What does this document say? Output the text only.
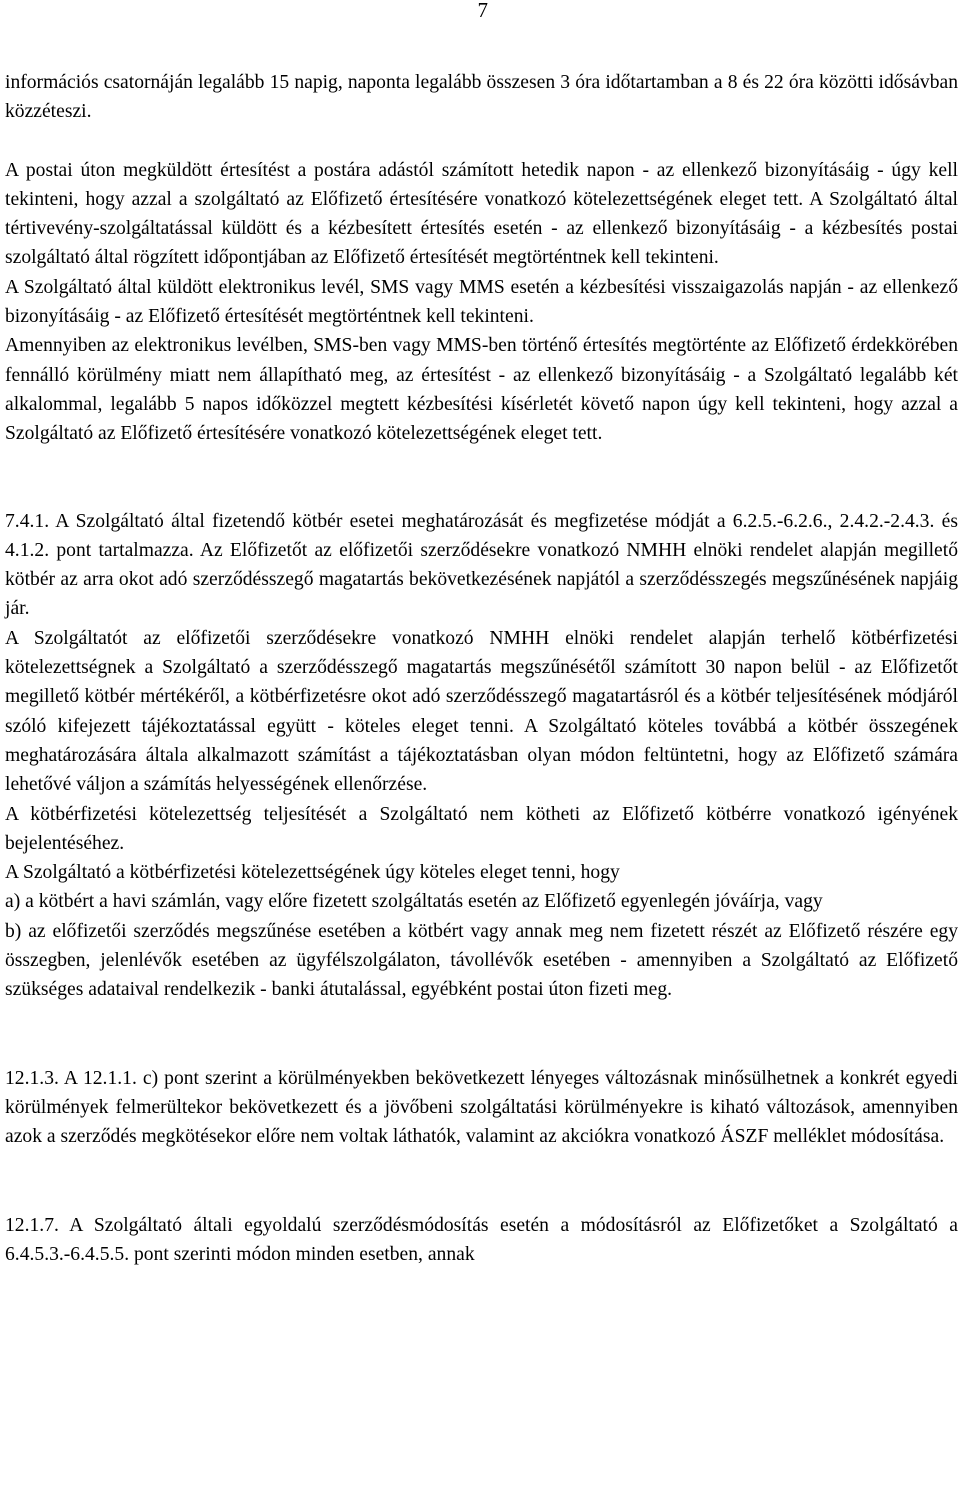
7

információs csatornáján legalább 15 napig, naponta legalább összesen 3 óra időtartamban a 8 és 22 óra közötti idősávban közzéteszi.

A postai úton megküldött értesítést a postára adástól számított hetedik napon - az ellenkező bizonyításáig - úgy kell tekinteni, hogy azzal a szolgáltató az Előfizető értesítésére vonatkozó kötelezettségének eleget tett. A Szolgáltató által tértivevény-szolgáltatással küldött és a kézbesített értesítés esetén - az ellenkező bizonyításáig - a kézbesítés postai szolgáltató által rögzített időpontjában az Előfizető értesítését megtörténtnek kell tekinteni.

A Szolgáltató által küldött elektronikus levél, SMS vagy MMS esetén a kézbesítési visszaigazolás napján - az ellenkező bizonyításáig - az Előfizető értesítését megtörténtnek kell tekinteni.

Amennyiben az elektronikus levélben, SMS-ben vagy MMS-ben történő értesítés megtörténte az Előfizető érdekkörében fennálló körülmény miatt nem állapítható meg, az értesítést - az ellenkező bizonyításáig - a Szolgáltató legalább két alkalommal, legalább 5 napos időközzel megtett kézbesítési kísérletét követő napon úgy kell tekinteni, hogy azzal a Szolgáltató az Előfizető értesítésére vonatkozó kötelezettségének eleget tett.

7.4.1. A Szolgáltató által fizetendő kötbér esetei meghatározását és megfizetése módját a 6.2.5.-6.2.6., 2.4.2.-2.4.3. és 4.1.2. pont tartalmazza. Az Előfizetőt az előfizetői szerződésekre vonatkozó NMHH elnöki rendelet alapján megillető kötbér az arra okot adó szerződésszegő magatartás bekövetkezésének napjától a szerződésszegés megszűnésének napjáig jár.

A Szolgáltatót az előfizetői szerződésekre vonatkozó NMHH elnöki rendelet alapján terhelő kötbérfizetési kötelezettségnek a Szolgáltató a szerződésszegő magatartás megszűnésétől számított 30 napon belül - az Előfizetőt megillető kötbér mértékéről, a kötbérfizetésre okot adó szerződésszegő magatartásról és a kötbér teljesítésének módjáról szóló kifejezett tájékoztatással együtt - köteles eleget tenni. A Szolgáltató köteles továbbá a kötbér összegének meghatározására általa alkalmazott számítást a tájékoztatásban olyan módon feltüntetni, hogy az Előfizető számára lehetővé váljon a számítás helyességének ellenőrzése.

A kötbérfizetési kötelezettség teljesítését a Szolgáltató nem kötheti az Előfizető kötbérre vonatkozó igényének bejelentéséhez.

A Szolgáltató a kötbérfizetési kötelezettségének úgy köteles eleget tenni, hogy

a) a kötbért a havi számlán, vagy előre fizetett szolgáltatás esetén az Előfizető egyenlegén jóváírja, vagy

b) az előfizetői szerződés megszűnése esetében a kötbért vagy annak meg nem fizetett részét az Előfizető részére egy összegben, jelenlévők esetében az ügyfélszolgálaton, távollévők esetében - amennyiben a Szolgáltató az Előfizető szükséges adataival rendelkezik - banki átutalással, egyébként postai úton fizeti meg.

12.1.3. A 12.1.1. c) pont szerint a körülményekben bekövetkezett lényeges változásnak minősülhetnek a konkrét egyedi körülmények felmerültekor bekövetkezett és a jövőbeni szolgáltatási körülményekre is kiható változások, amennyiben azok a szerződés megkötésekor előre nem voltak láthatók, valamint az akciókra vonatkozó ÁSZF melléklet módosítása.

12.1.7. A Szolgáltató általi egyoldalú szerződésmódosítás esetén a módosításról az Előfizetőket a Szolgáltató a 6.4.5.3.-6.4.5.5. pont szerinti módon minden esetben, annak
